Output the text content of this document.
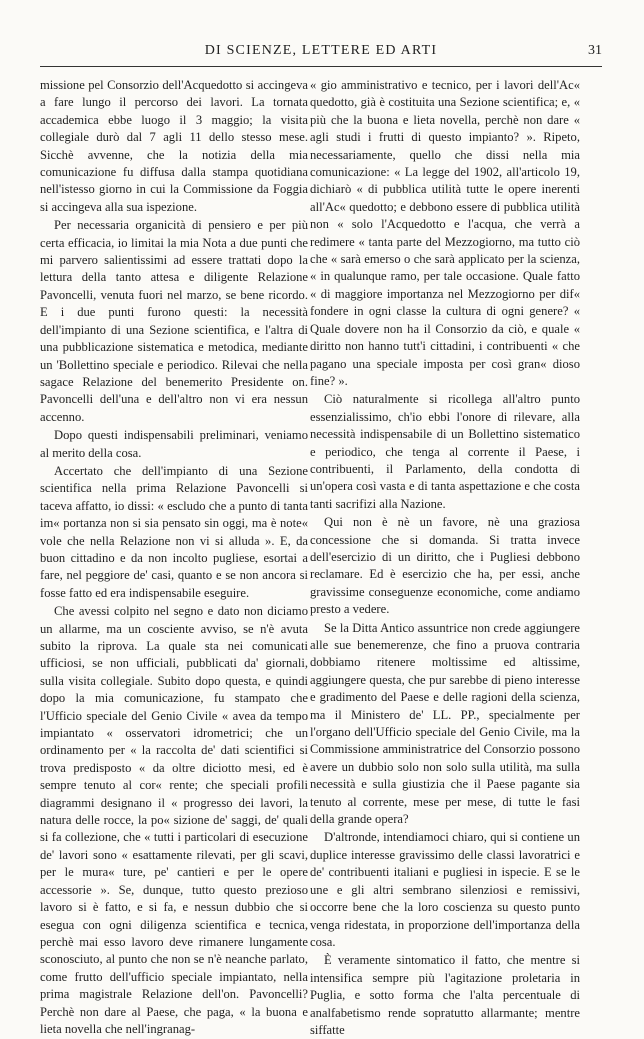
DI SCIENZE, LETTERE ED ARTI	31

missione pel Consorzio dell'Acquedotto si accingeva a fare lungo il percorso dei lavori. La tornata accademica ebbe luogo il 3 maggio; la visita collegiale durò dal 7 agli 11 dello stesso mese. Sicchè avvenne, che la notizia della mia comunicazione fu diffusa dalla stampa quotidiana nell'istesso giorno in cui la Commissione da Foggia si accingeva alla sua ispezione.

Per necessaria organicità di pensiero e per più certa efficacia, io limitai la mia Nota a due punti che mi parvero salientissimi ad essere trattati dopo la lettura della tanto attesa e diligente Relazione Pavoncelli, venuta fuori nel marzo, se bene ricordo. E i due punti furono questi: la necessità dell'impianto di una Sezione scientifica, e l'altra di una pubblicazione sistematica e metodica, mediante un 'Bollettino speciale e periodico. Rilevai che nella sagace Relazione del benemerito Presidente on. Pavoncelli dell'una e dell'altro non vi era nessun accenno.

Dopo questi indispensabili preliminari, veniamo al merito della cosa.

Accertato che dell'impianto di una Sezione scientifica nella prima Relazione Pavoncelli si taceva affatto, io dissi: « escludo che a punto di tanta im« portanza non si sia pensato sin oggi, ma è note« vole che nella Relazione non vi si alluda ». E, da buon cittadino e da non incolto pugliese, esortai a fare, nel peggiore de' casi, quanto e se non ancora si fosse fatto ed era indispensabile eseguire.

Che avessi colpito nel segno e dato non diciamo un allarme, ma un cosciente avviso, se n'è avuta subito la riprova. La quale sta nei comunicati ufficiosi, se non ufficiali, pubblicati da' giornali, sulla visita collegiale. Subito dopo questa, e quindi dopo la mia comunicazione, fu stampato che l'Ufficio speciale del Genio Civile « avea da tempo impiantato « osservatori idrometrici; che un ordinamento per « la raccolta de' dati scientifici si trova predisposto « da oltre diciotto mesi, ed è sempre tenuto al cor« rente; che speciali profili diagrammi designano il « progresso dei lavori, la natura delle rocce, la po« sizione de' saggi, de' quali si fa collezione, che « tutti i particolari di esecuzione de' lavori sono « esattamente rilevati, per gli scavi, per le mura« ture, pe' cantieri e per le opere accessorie ». Se, dunque, tutto questo prezioso lavoro si è fatto, e si fa, e nessun dubbio che si esegua con ogni diligenza scientifica e tecnica, perchè mai esso lavoro deve rimanere lungamente sconosciuto, al punto che non se n'è neanche parlato, come frutto dell'ufficio speciale impiantato, nella prima magistrale Relazione dell'on. Pavoncelli? Perchè non dare al Paese, che paga, « la buona e lieta novella che nell'ingranag-

« gio amministrativo e tecnico, per i lavori dell'Ac« quedotto, già è costituita una Sezione scientifica; e, « più che la buona e lieta novella, perchè non dare « agli studi i frutti di questo impianto? ». Ripeto, necessariamente, quello che dissi nella mia comunicazione: « La legge del 1902, all'articolo 19, dichiarò « di pubblica utilità tutte le opere inerenti all'Ac« quedotto; e debbono essere di pubblica utilità non « solo l'Acquedotto e l'acqua, che verrà a redimere « tanta parte del Mezzogiorno, ma tutto ciò che « sarà emerso o che sarà applicato per la scienza, « in qualunque ramo, per tale occasione. Quale fatto « di maggiore importanza nel Mezzogiorno per dif« fondere in ogni classe la cultura di ogni genere? « Quale dovere non ha il Consorzio da ciò, e quale « diritto non hanno tutt'i cittadini, i contribuenti « che pagano una speciale imposta per così gran« dioso fine? ».

Ciò naturalmente si ricollega all'altro punto essenzialissimo, ch'io ebbi l'onore di rilevare, alla necessità indispensabile di un Bollettino sistematico e periodico, che tenga al corrente il Paese, i contribuenti, il Parlamento, della condotta di un'opera così vasta e di tanta aspettazione e che costa tanti sacrifizi alla Nazione.

Qui non è nè un favore, nè una graziosa concessione che si domanda. Si tratta invece dell'esercizio di un diritto, che i Pugliesi debbono reclamare. Ed è esercizio che ha, per essi, anche gravissime conseguenze economiche, come andiamo presto a vedere.

Se la Ditta Antico assuntrice non crede aggiungere alle sue benemerenze, che fino a pruova contraria dobbiamo ritenere moltissime ed altissime, aggiungere questa, che pur sarebbe di pieno interesse e gradimento del Paese e delle ragioni della scienza, ma il Ministero de' LL. PP., specialmente per l'organo dell'Ufficio speciale del Genio Civile, ma la Commissione amministratrice del Consorzio possono avere un dubbio solo non solo sulla utilità, ma sulla necessità e sulla giustizia che il Paese pagante sia tenuto al corrente, mese per mese, di tutte le fasi della grande opera?

D'altronde, intendiamoci chiaro, qui si contiene un duplice interesse gravissimo delle classi lavoratrici e de' contribuenti italiani e pugliesi in ispecie. E se le une e gli altri sembrano silenziosi e remissivi, occorre bene che la loro coscienza su questo punto venga ridestata, in proporzione dell'importanza della cosa.

È veramente sintomatico il fatto, che mentre si intensifica sempre più l'agitazione proletaria in Puglia, e sotto forma che l'alta percentuale di analfabetismo rende sopratutto allarmante; mentre siffatte
